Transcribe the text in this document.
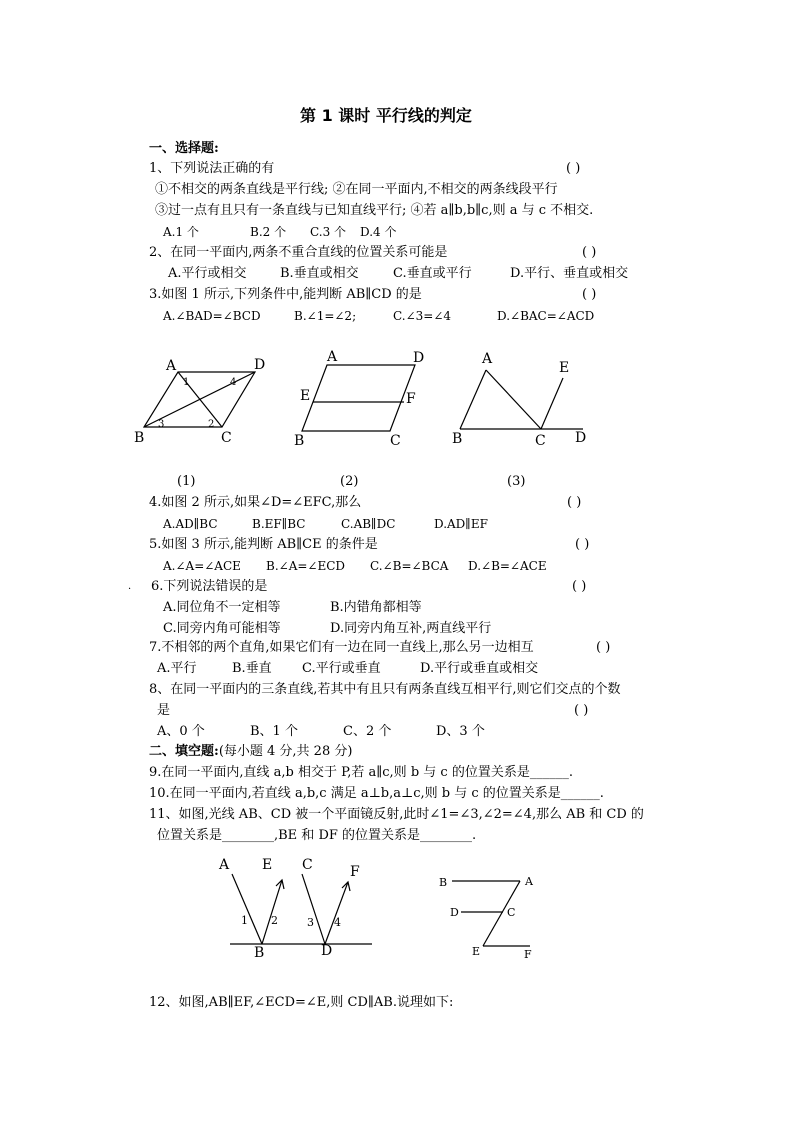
第 1 课时 平行线的判定
一、选择题:
1、下列说法正确的有	( )
①不相交的两条直线是平行线; ②在同一平面内,不相交的两条线段平行
③过一点有且只有一条直线与已知直线平行; ④若 a∥b,b∥c,则 a 与 c 不相交.
A.1 个	B.2 个 C.3 个 D.4 个
2、在同一平面内,两条不重合直线的位置关系可能是	( )
A.平行或相交	B.垂直或相交	C.垂直或平行	D.平行、垂直或相交
3.如图 1 所示,下列条件中,能判断 AB∥CD 的是	( )
A.∠BAD=∠BCD	B.∠1=∠2;	C.∠3=∠4	D.∠BAC=∠ACD
A	D
B	C
1	4
3	2
(1)
A	D
E	F
B	C
(2)
A
E
B	C D
(3)
4.如图 2 所示,如果∠D=∠EFC,那么	( )
A.AD∥BC	B.EF∥BC	C.AB∥DC	D.AD∥EF
5.如图 3 所示,能判断 AB∥CE 的条件是	( )
A.∠A=∠ACE B.∠A=∠ECD C.∠B=∠BCA D.∠B=∠ACE
· 6.下列说法错误的是	( )
A.同位角不一定相等	B.内错角都相等
C.同旁内角可能相等	D.同旁内角互补,两直线平行
7.不相邻的两个直角,如果它们有一边在同一直线上,那么另一边相互	( )
A.平行	B.垂直 C.平行或垂直	D.平行或垂直或相交
8、在同一平面内的三条直线,若其中有且只有两条直线互相平行,则它们交点的个数
是	( )
A、0 个	B、1 个	C、2 个	D、3 个
二、填空题:(每小题 4 分,共 28 分)
9.在同一平面内,直线 a,b 相交于 P,若 a∥c,则 b 与 c 的位置关系是______.
10.在同一平面内,若直线 a,b,c 满足 a⊥b,a⊥c,则 b 与 c 的位置关系是______.
11、如图,光线 AB、CD 被一个平面镜反射,此时∠1=∠3,∠2=∠4,那么 AB 和 CD 的
位置关系是________,BE 和 DF 的位置关系是________.
A E C	F
B	D
1 2	3 4
B	A
D	C
E	F
12、如图,AB∥EF,∠ECD=∠E,则 CD∥AB.说理如下:
